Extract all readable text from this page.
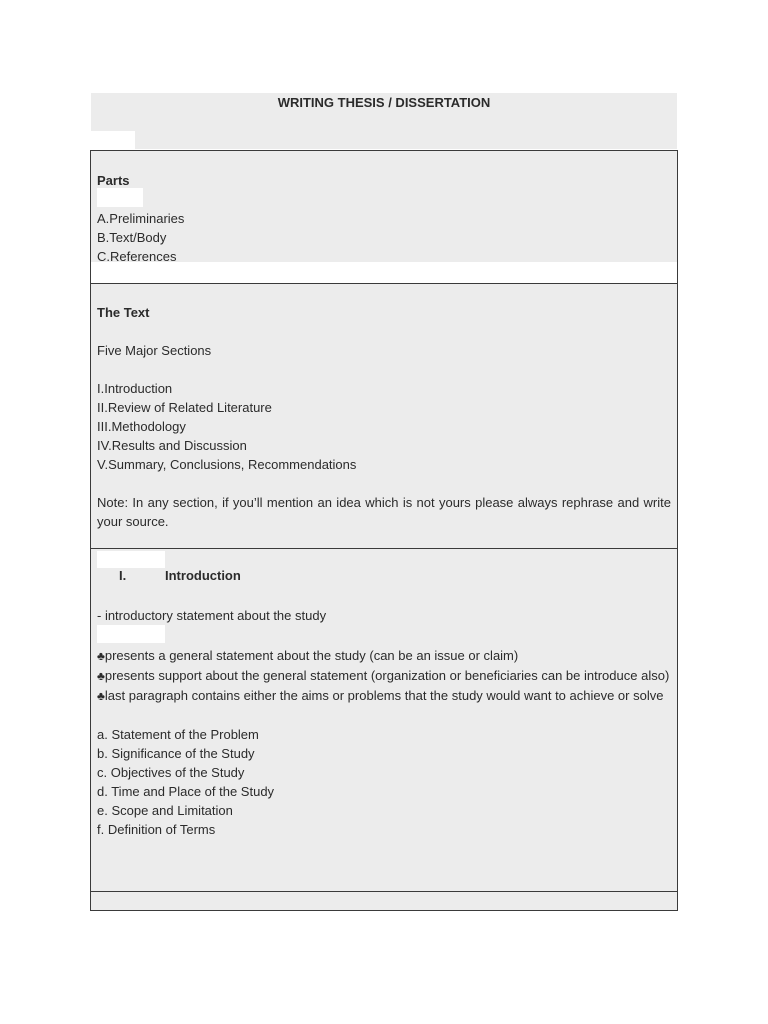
WRITING THESIS / DISSERTATION

Parts

A.Preliminaries

B.Text/Body

C.References

The Text

Five Major Sections

I.Introduction

II.Review of Related Literature

III.Methodology

IV.Results and Discussion

V.Summary, Conclusions, Recommendations

Note: In any section, if you’ll mention an idea which is not yours please always rephrase and write your source.

I.	Introduction

- introductory statement about the study

♣presents a general statement about the study (can be an issue or claim)

♣presents support about the general statement (organization or beneficiaries can be introduce also)

♣last paragraph contains either the aims or problems that the study would want to achieve or solve

a. Statement of the Problem

b. Significance of the Study

c. Objectives of the Study

d. Time and Place of the Study

e. Scope and Limitation

f. Definition of Terms
